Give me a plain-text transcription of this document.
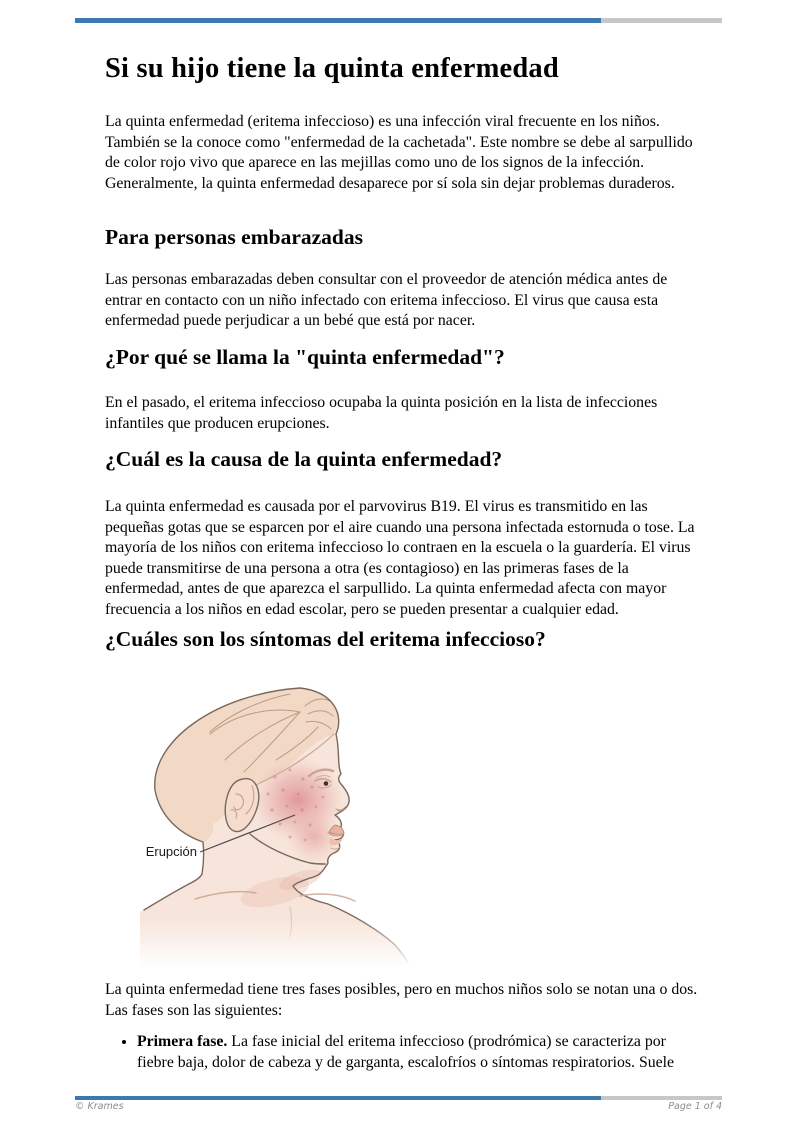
Si su hijo tiene la quinta enfermedad
La quinta enfermedad (eritema infeccioso) es una infección viral frecuente en los niños. También se la conoce como "enfermedad de la cachetada". Este nombre se debe al sarpullido de color rojo vivo que aparece en las mejillas como uno de los signos de la infección. Generalmente, la quinta enfermedad desaparece por sí sola sin dejar problemas duraderos.
Para personas embarazadas
Las personas embarazadas deben consultar con el proveedor de atención médica antes de entrar en contacto con un niño infectado con eritema infeccioso. El virus que causa esta enfermedad puede perjudicar a un bebé que está por nacer.
¿Por qué se llama la "quinta enfermedad"?
En el pasado, el eritema infeccioso ocupaba la quinta posición en la lista de infecciones infantiles que producen erupciones.
¿Cuál es la causa de la quinta enfermedad?
La quinta enfermedad es causada por el parvovirus B19. El virus es transmitido en las pequeñas gotas que se esparcen por el aire cuando una persona infectada estornuda o tose. La mayoría de los niños con eritema infeccioso lo contraen en la escuela o la guardería. El virus puede transmitirse de una persona a otra (es contagioso) en las primeras fases de la enfermedad, antes de que aparezca el sarpullido. La quinta enfermedad afecta con mayor frecuencia a los niños en edad escolar, pero se pueden presentar a cualquier edad.
¿Cuáles son los síntomas del eritema infeccioso?
Erupción
La quinta enfermedad tiene tres fases posibles, pero en muchos niños solo se notan una o dos. Las fases son las siguientes:
• Primera fase. La fase inicial del eritema infeccioso (prodrómica) se caracteriza por fiebre baja, dolor de cabeza y de garganta, escalofríos o síntomas respiratorios. Suele
© Krames	Page 1 of 4
